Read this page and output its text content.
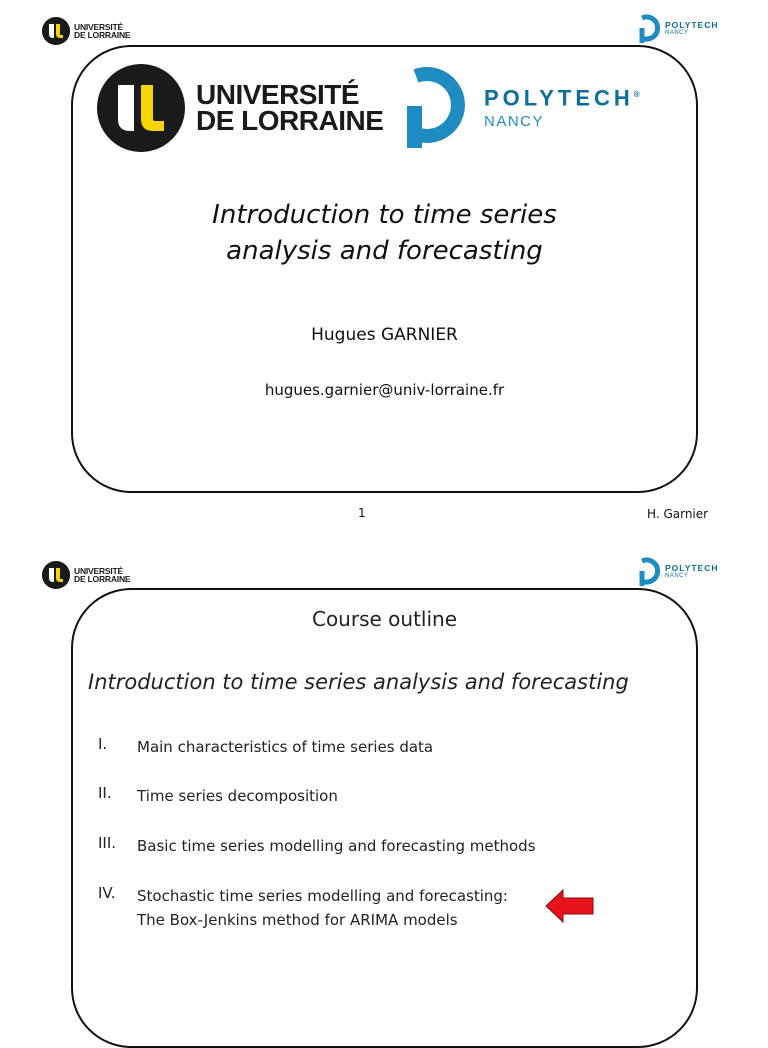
UNIVERSITÉ
DE LORRAINE
POLYTECH
NANCY
UNIVERSITÉ
DE LORRAINE
POLYTECH®
NANCY
Introduction to time series
analysis and forecasting
Hugues GARNIER
hugues.garnier@univ-lorraine.fr
1	H. Garnier
UNIVERSITÉ
DE LORRAINE
POLYTECH
NANCY
Course outline
Introduction to time series analysis and forecasting
I.	Main characteristics of time series data
II.	Time series decomposition
III.	Basic time series modelling and forecasting methods
IV.	Stochastic time series modelling and forecasting:
The Box-Jenkins method for ARIMA models
